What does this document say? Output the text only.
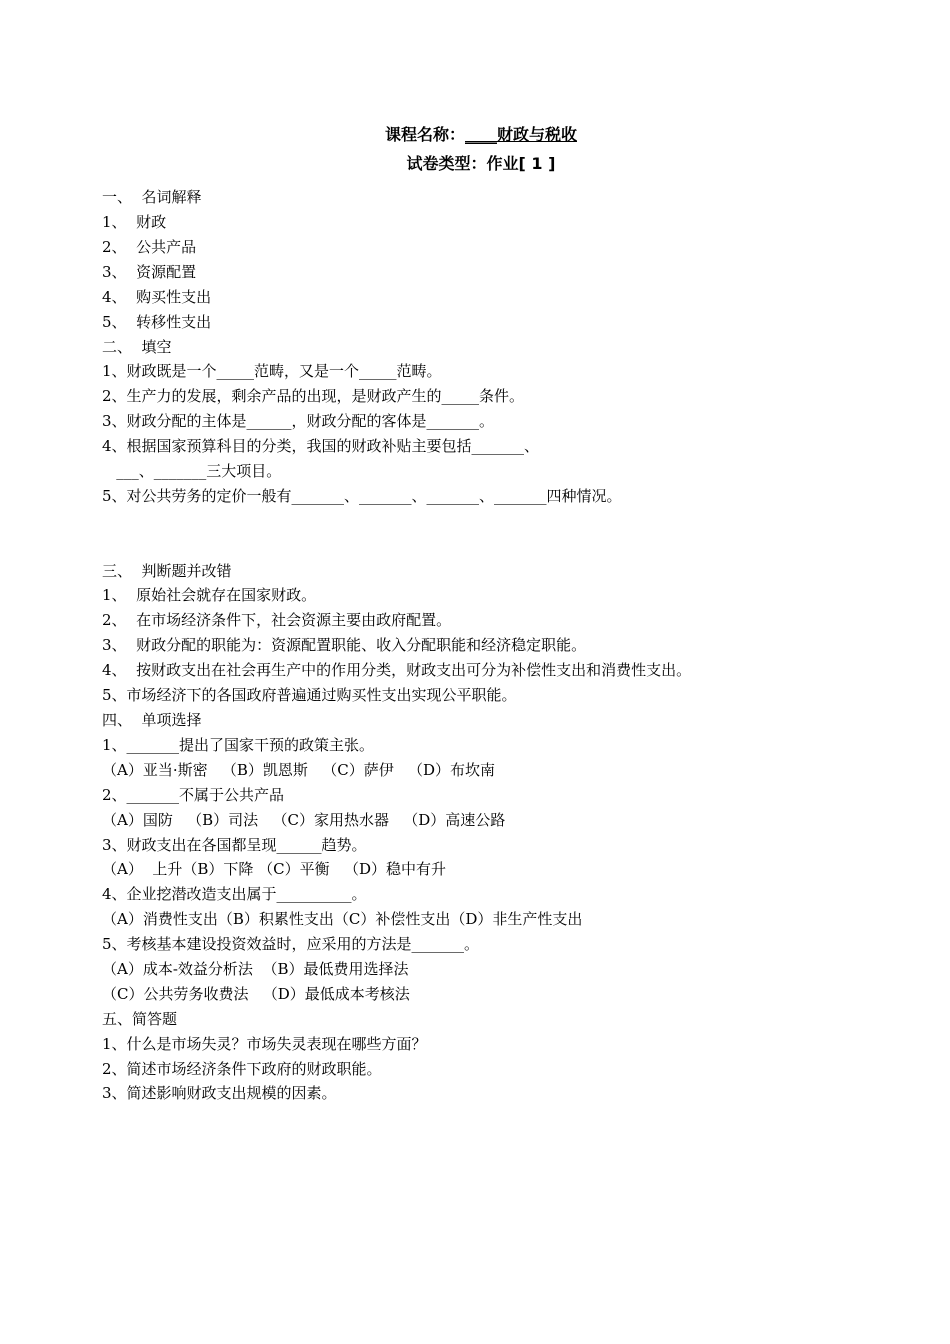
课程名称：____财政与税收
试卷类型：作业[ 1 ]
一、  名词解释
1、  财政
2、  公共产品
3、  资源配置
4、  购买性支出
5、  转移性支出
二、  填空
1、财政既是一个_____范畴，又是一个_____范畴。
2、生产力的发展，剩余产品的出现，是财政产生的_____条件。
3、财政分配的主体是______，财政分配的客体是_______。
4、根据国家预算科目的分类，我国的财政补贴主要包括_______、
___、_______三大项目。
5、对公共劳务的定价一般有_______、_______、_______、_______四种情况。
三、  判断题并改错
1、  原始社会就存在国家财政。
2、  在市场经济条件下，社会资源主要由政府配置。
3、  财政分配的职能为：资源配置职能、收入分配职能和经济稳定职能。
4、  按财政支出在社会再生产中的作用分类，财政支出可分为补偿性支出和消费性支出。
5、市场经济下的各国政府普遍通过购买性支出实现公平职能。
四、  单项选择
1、_______提出了国家干预的政策主张。
（A）亚当·斯密   （B）凯恩斯   （C）萨伊   （D）布坎南
2、_______不属于公共产品
（A）国防   （B）司法   （C）家用热水器   （D）高速公路
3、财政支出在各国都呈现______趋势。
（A）  上升（B）下降 （C）平衡   （D）稳中有升
4、企业挖潜改造支出属于__________。
（A）消费性支出（B）积累性支出（C）补偿性支出（D）非生产性支出
5、考核基本建设投资效益时，应采用的方法是_______。
（A）成本-效益分析法  （B）最低费用选择法
（C）公共劳务收费法   （D）最低成本考核法
五、简答题
1、什么是市场失灵？市场失灵表现在哪些方面？
2、简述市场经济条件下政府的财政职能。
3、简述影响财政支出规模的因素。
